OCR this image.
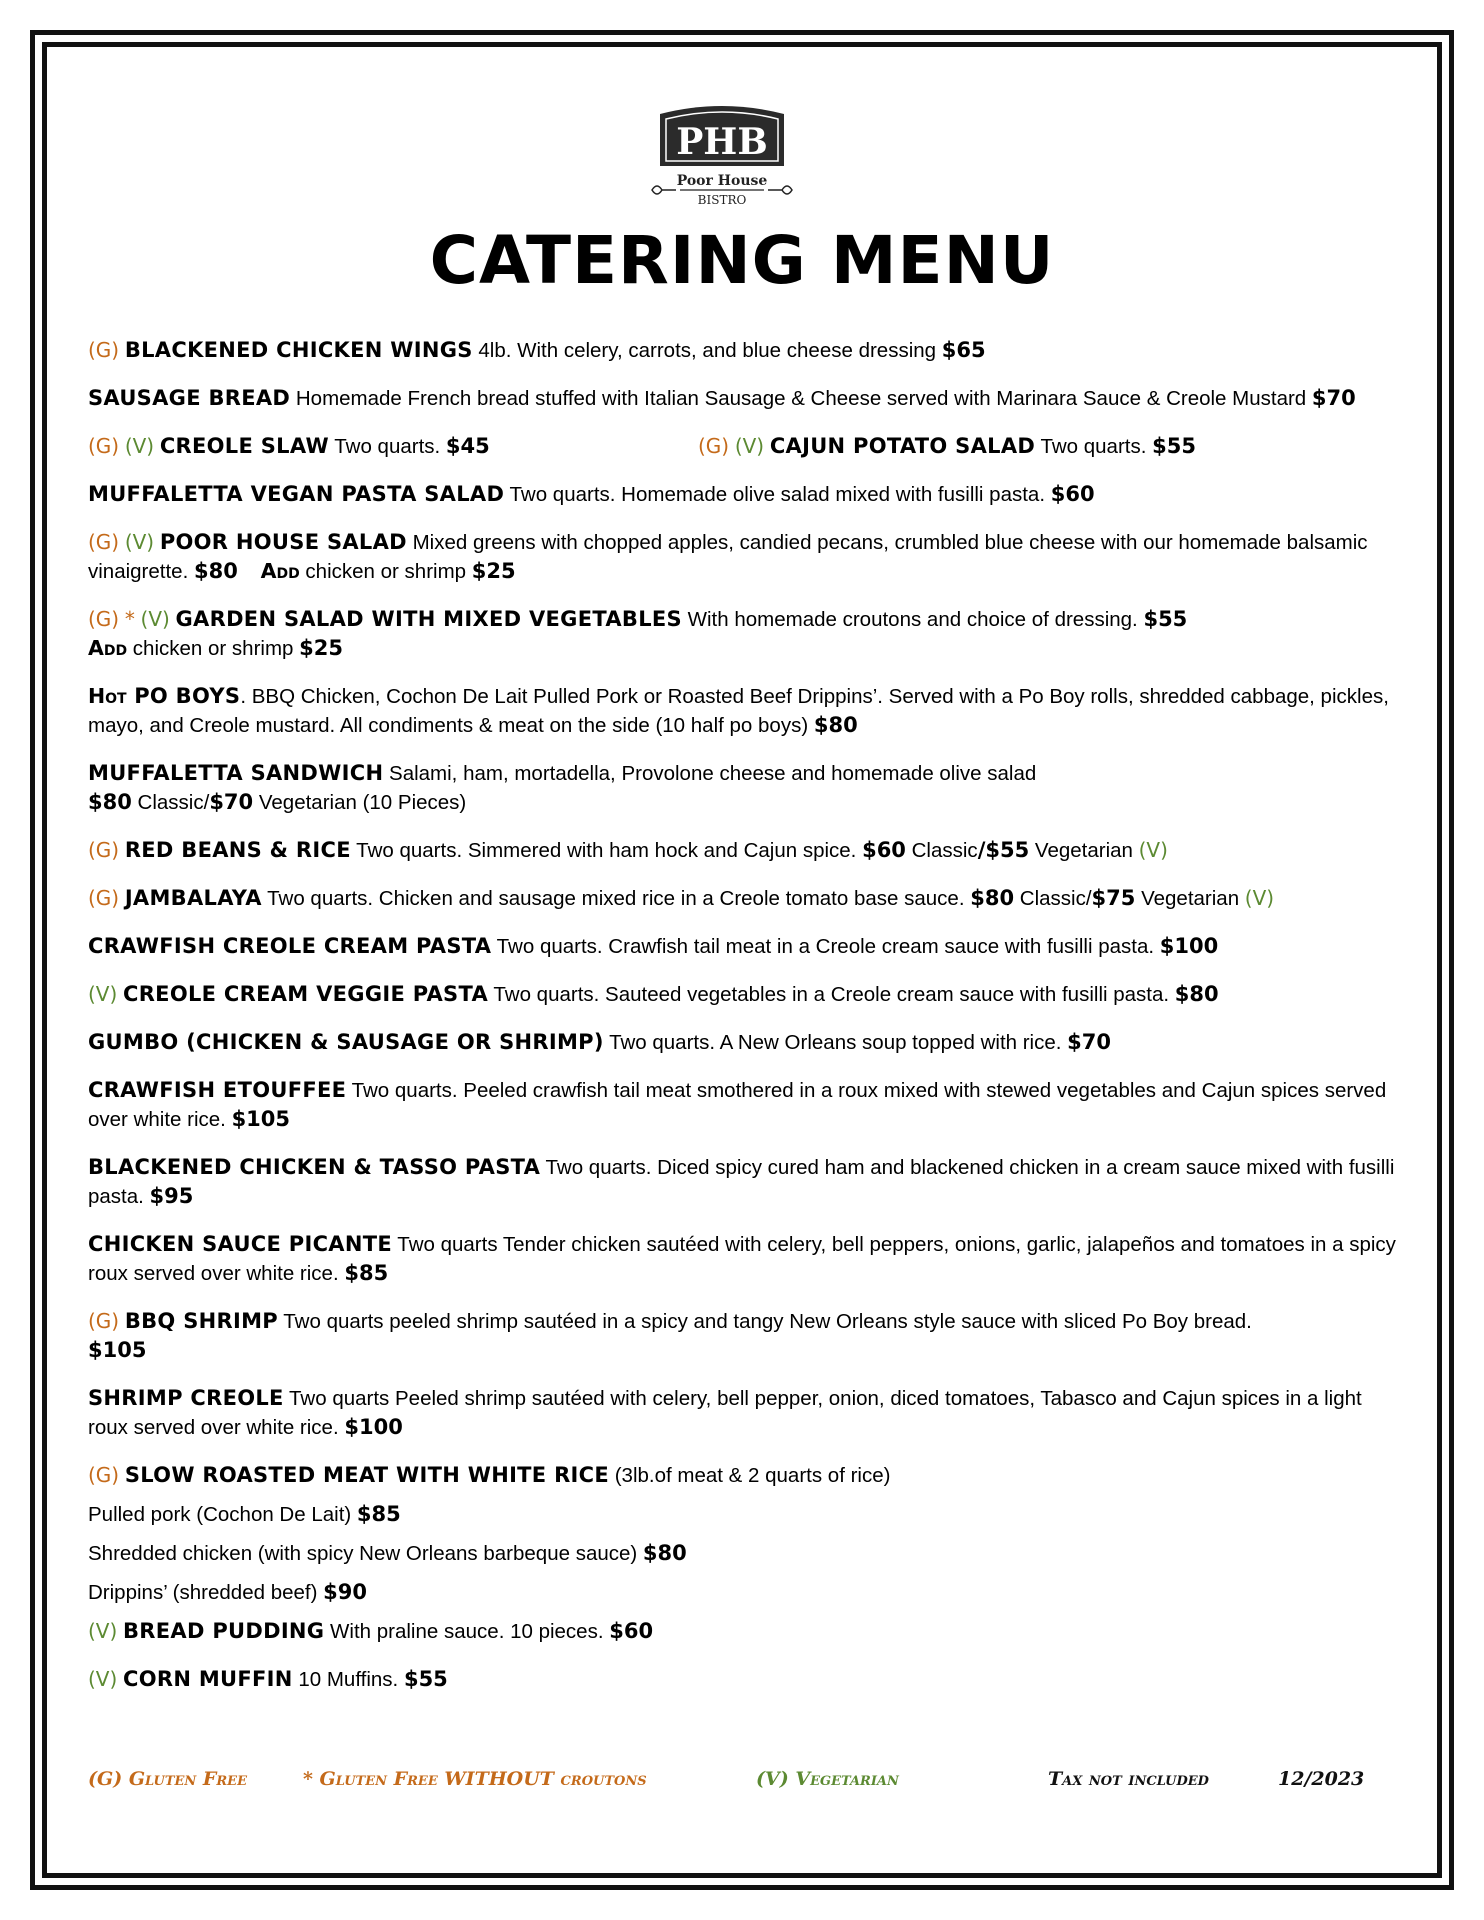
PHB
Poor House
BISTRO
CATERING MENU
(G) BLACKENED CHICKEN WINGS 4lb. With celery, carrots, and blue cheese dressing $65
SAUSAGE BREAD Homemade French bread stuffed with Italian Sausage & Cheese served with Marinara Sauce & Creole Mustard $70
(G) (V) CREOLE SLAW Two quarts. $45	(G) (V) CAJUN POTATO SALAD Two quarts. $55
MUFFALETTA VEGAN PASTA SALAD Two quarts. Homemade olive salad mixed with fusilli pasta. $60
(G) (V) POOR HOUSE SALAD Mixed greens with chopped apples, candied pecans, crumbled blue cheese with our homemade balsamic vinaigrette. $80 Add chicken or shrimp $25
(G) * (V) GARDEN SALAD WITH MIXED VEGETABLES With homemade croutons and choice of dressing. $55
Add chicken or shrimp $25
Hot PO BOYS. BBQ Chicken, Cochon De Lait Pulled Pork or Roasted Beef Drippins’. Served with a Po Boy rolls, shredded cabbage, pickles, mayo, and Creole mustard. All condiments & meat on the side (10 half po boys) $80
MUFFALETTA SANDWICH Salami, ham, mortadella, Provolone cheese and homemade olive salad
$80 Classic/$70 Vegetarian (10 Pieces)
(G) RED BEANS & RICE Two quarts. Simmered with ham hock and Cajun spice. $60 Classic/$55 Vegetarian (V)
(G) JAMBALAYA Two quarts. Chicken and sausage mixed rice in a Creole tomato base sauce. $80 Classic/$75 Vegetarian (V)
CRAWFISH CREOLE CREAM PASTA Two quarts. Crawfish tail meat in a Creole cream sauce with fusilli pasta. $100
(V) CREOLE CREAM VEGGIE PASTA Two quarts. Sauteed vegetables in a Creole cream sauce with fusilli pasta. $80
GUMBO (CHICKEN & SAUSAGE OR SHRIMP) Two quarts. A New Orleans soup topped with rice. $70
CRAWFISH ETOUFFEE Two quarts. Peeled crawfish tail meat smothered in a roux mixed with stewed vegetables and Cajun spices served over white rice. $105
BLACKENED CHICKEN & TASSO PASTA Two quarts. Diced spicy cured ham and blackened chicken in a cream sauce mixed with fusilli pasta. $95
CHICKEN SAUCE PICANTE Two quarts Tender chicken sautéed with celery, bell peppers, onions, garlic, jalapeños and tomatoes in a spicy roux served over white rice. $85
(G) BBQ SHRIMP Two quarts peeled shrimp sautéed in a spicy and tangy New Orleans style sauce with sliced Po Boy bread.
$105
SHRIMP CREOLE Two quarts Peeled shrimp sautéed with celery, bell pepper, onion, diced tomatoes, Tabasco and Cajun spices in a light roux served over white rice. $100
(G) SLOW ROASTED MEAT WITH WHITE RICE (3lb.of meat & 2 quarts of rice)
Pulled pork (Cochon De Lait) $85
Shredded chicken (with spicy New Orleans barbeque sauce) $80
Drippins’ (shredded beef) $90
(V) BREAD PUDDING With praline sauce. 10 pieces. $60
(V) CORN MUFFIN 10 Muffins. $55
(G) Gluten Free	* Gluten Free WITHOUT croutons	(V) Vegetarian	Tax not included	12/2023
